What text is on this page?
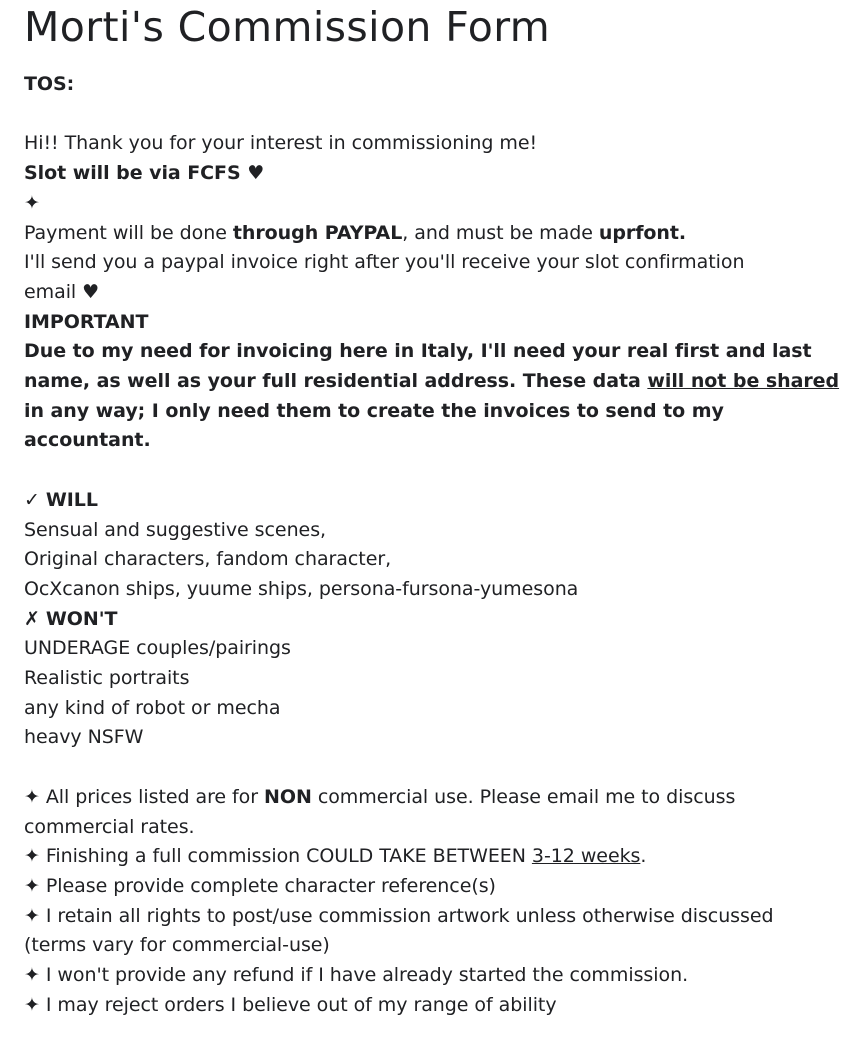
Morti's Commission Form
TOS:
Hi!! Thank you for your interest in commissioning me!
Slot will be via FCFS ♥
✦
Payment will be done through PAYPAL, and must be made uprfont.
I'll send you a paypal invoice right after you'll receive your slot confirmation
email ♥
IMPORTANT
Due to my need for invoicing here in Italy, I'll need your real first and last
name, as well as your full residential address. These data will not be shared
in any way; I only need them to create the invoices to send to my
accountant.
✓ WILL
Sensual and suggestive scenes,
Original characters, fandom character,
OcXcanon ships, yuume ships, persona-fursona-yumesona
✗ WON'T
UNDERAGE couples/pairings
Realistic portraits
any kind of robot or mecha
heavy NSFW
✦ All prices listed are for NON commercial use. Please email me to discuss
commercial rates.
✦ Finishing a full commission COULD TAKE BETWEEN 3-12 weeks.
✦ Please provide complete character reference(s)
✦ I retain all rights to post/use commission artwork unless otherwise discussed
(terms vary for commercial-use)
✦ I won't provide any refund if I have already started the commission.
✦ I may reject orders I believe out of my range of ability
